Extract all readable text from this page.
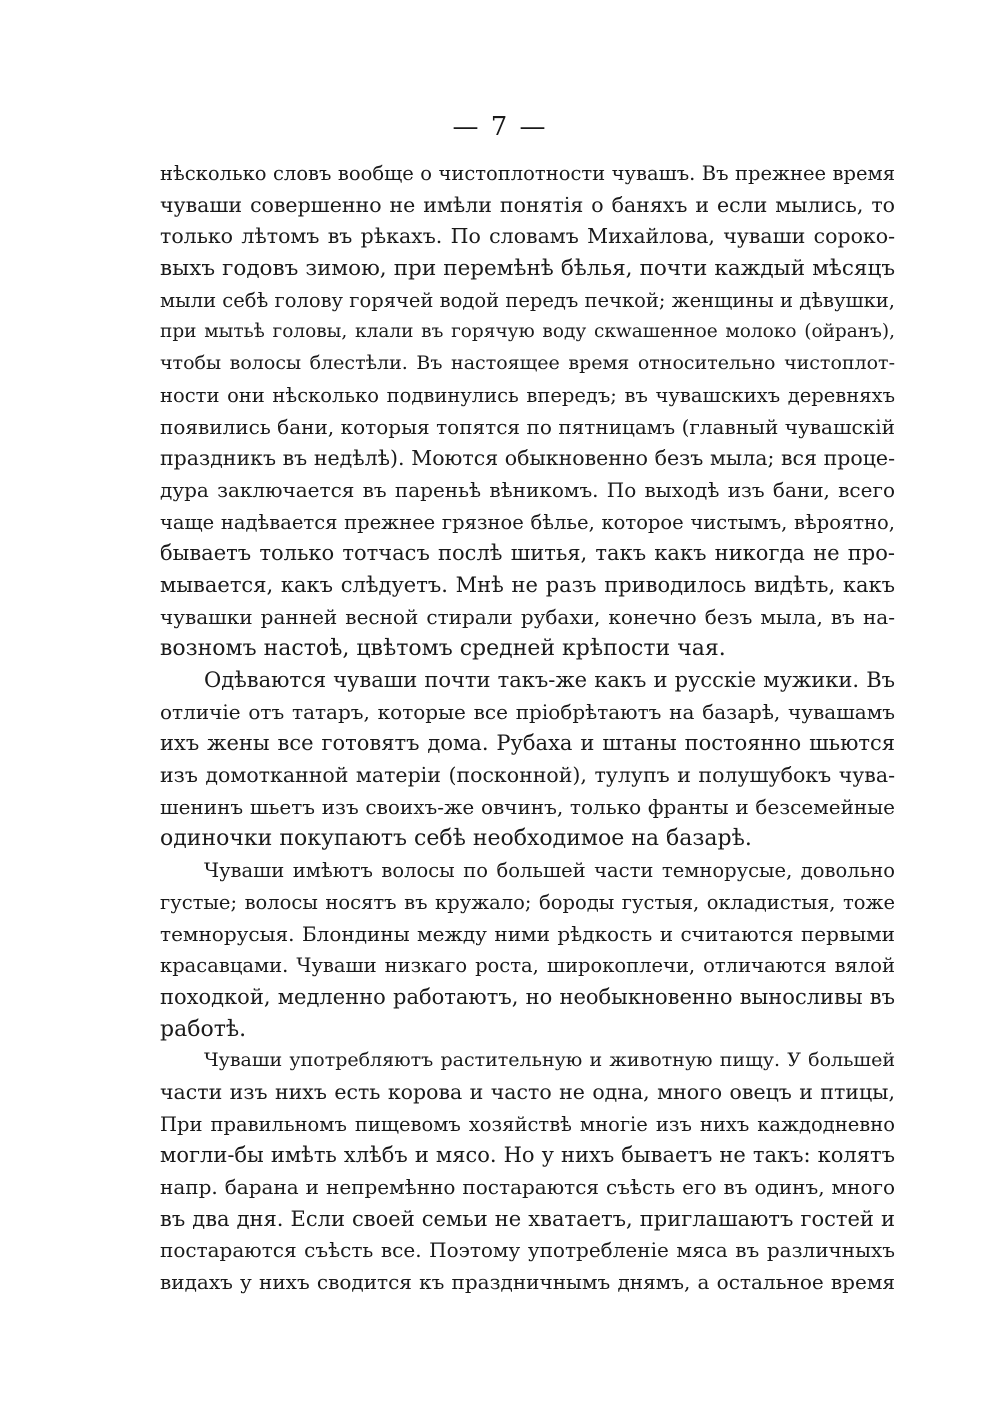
— 7 —
нѣсколько словъ вообще о чистоплотности чувашъ. Въ прежнее время
чуваши совершенно не имѣли понятія о баняхъ и если мылись, то
только лѣтомъ въ рѣкахъ. По словамъ Михайлова, чуваши сороко-
выхъ годовъ зимою, при перемѣнѣ бѣлья, почти каждый мѣсяцъ
мыли себѣ голову горячей водой передъ печкой; женщины и дѣвушки,
при мытьѣ головы, клали въ горячую воду скwашенное молоко (ойранъ),
чтобы волосы блестѣли. Въ настоящее время относительно чистоплот-
ности они нѣсколько подвинулись впередъ; въ чувашскихъ деревняхъ
появились бани, которыя топятся по пятницамъ (главный чувашскій
праздникъ въ недѣлѣ). Моются обыкновенно безъ мыла; вся проце-
дура заключается въ пареньѣ вѣникомъ. По выходѣ изъ бани, всего
чаще надѣвается прежнее грязное бѣлье, которое чистымъ, вѣроятно,
бываетъ только тотчасъ послѣ шитья, такъ какъ никогда не про-
мывается, какъ слѣдуетъ. Мнѣ не разъ приводилось видѣть, какъ
чувашки ранней весной стирали рубахи, конечно безъ мыла, въ на-
возномъ настоѣ, цвѣтомъ средней крѣпости чая.
Одѣваются чуваши почти такъ-же какъ и русскіе мужики. Въ
отличіе отъ татаръ, которые все пріобрѣтаютъ на базарѣ, чувашамъ
ихъ жены все готовятъ дома. Рубаха и штаны постоянно шьются
изъ домотканной матеріи (посконной), тулупъ и полушубокъ чува-
шенинъ шьетъ изъ своихъ-же овчинъ, только франты и безсемейные
одиночки покупаютъ себѣ необходимое на базарѣ.
Чуваши имѣютъ волосы по большей части темнорусые, довольно
густые; волосы носятъ въ кружало; бороды густыя, окладистыя, тоже
темнорусыя. Блондины между ними рѣдкость и считаются первыми
красавцами. Чуваши низкаго роста, широкоплечи, отличаются вялой
походкой, медленно работаютъ, но необыкновенно выносливы въ
работѣ.
Чуваши употребляютъ растительную и животную пищу. У большей
части изъ нихъ есть корова и часто не одна, много овецъ и птицы,
При правильномъ пищевомъ хозяйствѣ многіе изъ нихъ каждодневно
могли-бы имѣть хлѣбъ и мясо. Но у нихъ бываетъ не такъ: колятъ
напр. барана и непремѣнно постараются съѣсть его въ одинъ, много
въ два дня. Если своей семьи не хватаетъ, приглашаютъ гостей и
постараются съѣсть все. Поэтому употребленіе мяса въ различныхъ
видахъ у нихъ сводится къ праздничнымъ днямъ, а остальное время
